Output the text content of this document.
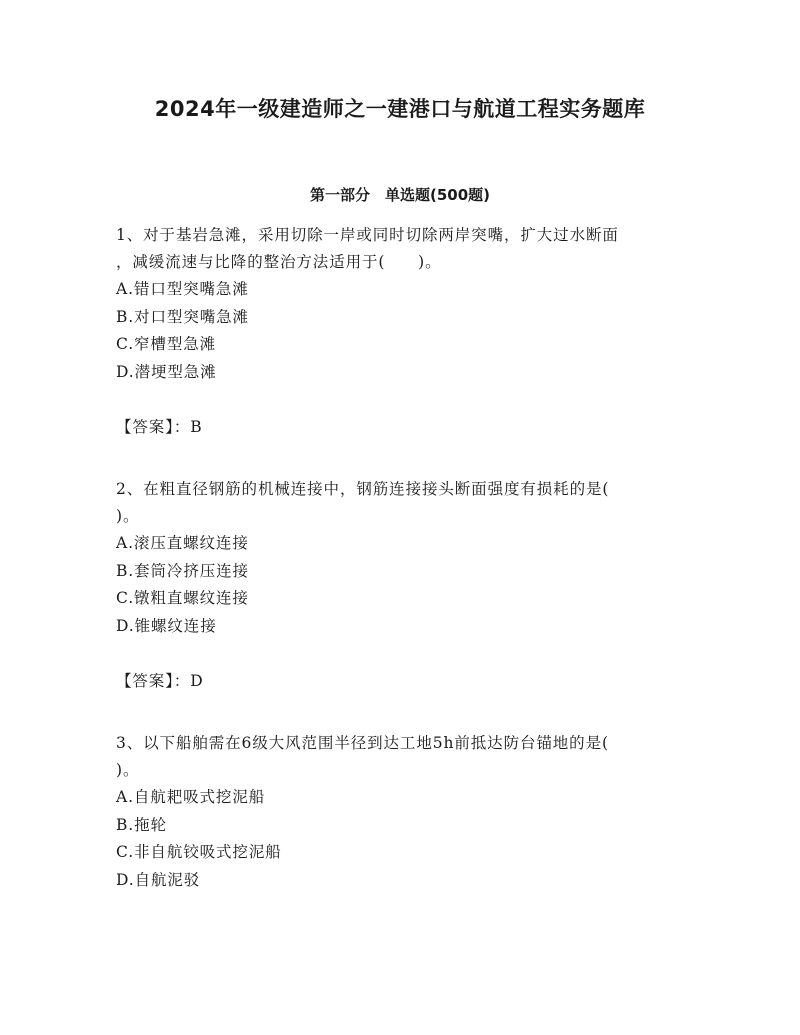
2024年一级建造师之一建港口与航道工程实务题库
第一部分　单选题(500题)
1、对于基岩急滩，采用切除一岸或同时切除两岸突嘴，扩大过水断面
，减缓流速与比降的整治方法适用于(　　)。
A.错口型突嘴急滩
B.对口型突嘴急滩
C.窄槽型急滩
D.潜埂型急滩
【答案】：B
2、在粗直径钢筋的机械连接中，钢筋连接接头断面强度有损耗的是(
)。
A.滚压直螺纹连接
B.套筒冷挤压连接
C.镦粗直螺纹连接
D.锥螺纹连接
【答案】：D
3、以下船舶需在6级大风范围半径到达工地5h前抵达防台锚地的是(
)。
A.自航耙吸式挖泥船
B.拖轮
C.非自航铰吸式挖泥船
D.自航泥驳
